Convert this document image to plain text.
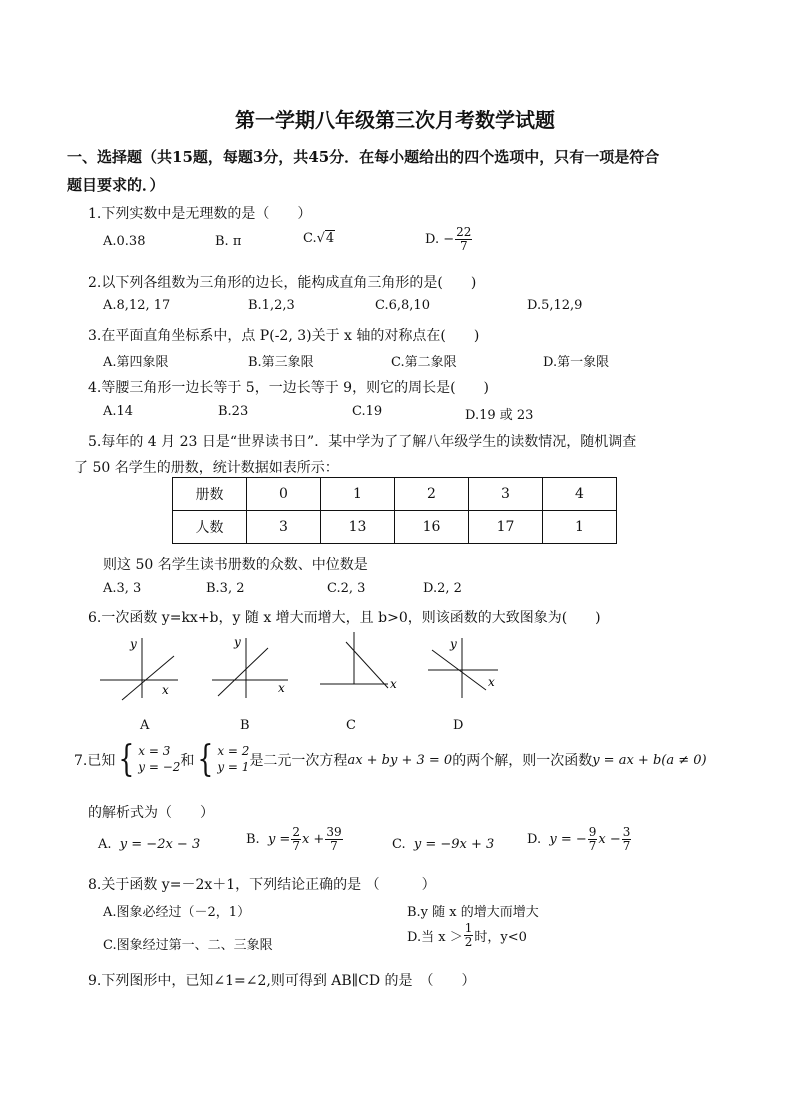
第一学期八年级第三次月考数学试题
一、选择题（共15题，每题3分，共45分．在每小题给出的四个选项中，只有一项是符合
题目要求的．）
1.下列实数中是无理数的是（　　）
A.0.38	B. π	C.√4	D. − $\frac{22}{7}$
2.以下列各组数为三角形的边长，能构成直角三角形的是(　　)
A.8,12, 17	B.1,2,3	C.6,8,10	D.5,12,9
3.在平面直角坐标系中，点 P(-2, 3)关于 x 轴的对称点在(　　)
A.第四象限	B.第三象限	C.第二象限	D.第一象限
4.等腰三角形一边长等于 5，一边长等于 9，则它的周长是(　　)
A.14	B.23	C.19	D.19 或 23
5.每年的 4 月 23 日是“世界读书日”．某中学为了了解八年级学生的读数情况，随机调查
了 50 名学生的册数，统计数据如表所示：
册数	0	1	2	3	4
人数	3	13	16	17	1
则这 50 名学生读书册数的众数、中位数是
A.3, 3	B.3, 2	C.2, 3	D.2, 2
6.一次函数 y=kx+b，y 随 x 增大而增大，且 b>0，则该函数的大致图象为(　　)
y
x
y
x	x
y
x
A	B	C	D
7.已知 { x = 3
y = −2 和 { x = 2
y = 1 是二元一次方程 ax + by + 3 = 0 的两个解，则一次函数 y = ax + b(a ≠ 0)
的解析式为（　　）
A. y = −2x − 3	B.
$y = \frac{2}{7}$ $x + \frac{39}{7}$	C. y = −9x + 3	D.
y = − $\frac{9}{7}$ $x - \frac{3}{7}$
8.关于函数 y=－2x＋1，下列结论正确的是 （　　　）
A.图象必经过（－2，1）	B.y 随 x 的增大而增大
C.图象经过第一、二、三象限
D.当 $x > \frac{1}{2}$ 时，y<0
9.下列图形中，已知∠1=∠2,则可得到 AB∥CD 的是　（　　）
